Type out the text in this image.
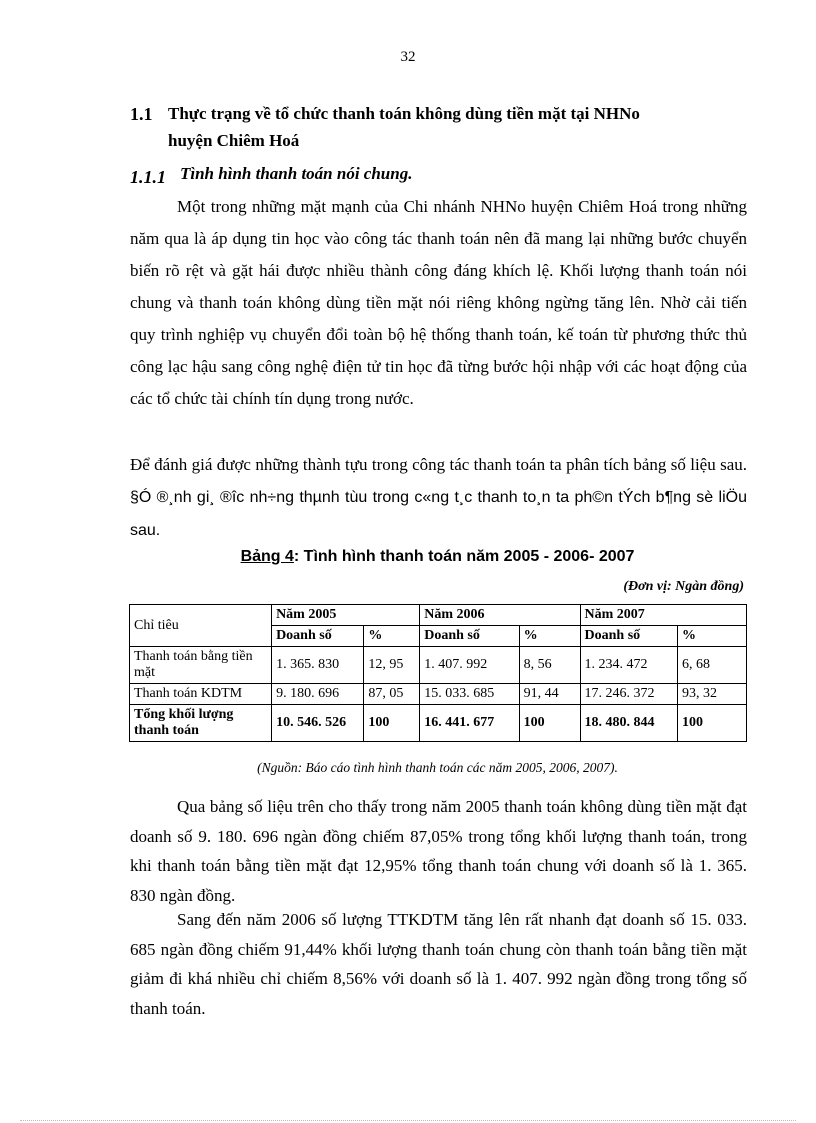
32
1.1 Thực trạng về tổ chức thanh toán không dùng tiền mặt tại NHNo
huyện Chiêm Hoá
1.1.1 Tình hình thanh toán nói chung.

Một trong những mặt mạnh của Chi nhánh NHNo huyện Chiêm Hoá trong những năm qua là áp dụng tin học vào công tác thanh toán nên đã mang lại những bước chuyển biến rõ rệt và gặt hái được nhiều thành công đáng khích lệ. Khối lượng thanh toán nói chung và thanh toán không dùng tiền mặt nói riêng không ngừng tăng lên. Nhờ cải tiến quy trình nghiệp vụ chuyển đổi toàn bộ hệ thống thanh toán, kế toán từ phương thức thủ công lạc hậu sang công nghệ điện tử tin học đã từng bước hội nhập với các hoạt động của các tổ chức tài chính tín dụng trong nước.

Để đánh giá được những thành tựu trong công tác thanh toán ta phân tích bảng số liệu sau. §Ó ®¸nh gi¸ ®îc nh÷ng thµnh tùu trong c«ng t¸c thanh to¸n ta ph©n tÝch b¶ng sè liÖu sau.

Bảng 4: Tình hình thanh toán năm 2005 - 2006- 2007
(Đơn vị: Ngàn đồng)
Chỉ tiêu	Năm 2005		Năm 2006		Năm 2007	
	Doanh số	%	Doanh số	%	Doanh số	%
Thanh toán bằng tiền mặt	1. 365. 830	12, 95	1. 407. 992	8, 56	1. 234. 472	6, 68
Thanh toán KDTM	9. 180. 696	87, 05	15. 033. 685	91, 44	17. 246. 372	93, 32
Tổng khối lượng thanh toán	10. 546. 526	100	16. 441. 677	100	18. 480. 844	100
(Nguồn: Báo cáo tình hình thanh toán các năm 2005, 2006, 2007).

Qua bảng số liệu trên cho thấy trong năm 2005 thanh toán không dùng tiền mặt đạt doanh số 9. 180. 696 ngàn đồng chiếm 87,05% trong tổng khối lượng thanh toán, trong khi thanh toán bằng tiền mặt đạt 12,95% tổng thanh toán chung với doanh số là 1. 365. 830 ngàn đồng.

Sang đến năm 2006 số lượng TTKDTM tăng lên rất nhanh đạt doanh số 15. 033. 685 ngàn đồng chiếm 91,44% khối lượng thanh toán chung còn thanh toán bằng tiền mặt giảm đi khá nhiều chỉ chiếm 8,56% với doanh số là 1. 407. 992 ngàn đồng trong tổng số thanh toán.
